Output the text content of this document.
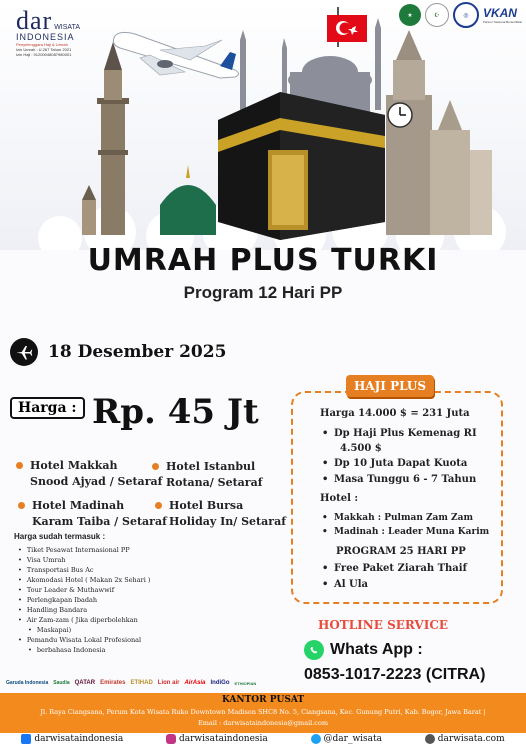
dar WISATA
INDONESIA
Penyelenggara Haji & Umrah
Izin Umrah : U.267 Tahun 2021
Izin Haji : 91200048087980001
★	☪	◎	VKAN
Partner Nasional Bersertifikat
UMRAH PLUS TURKI
Program 12 Hari PP
18 Desember 2025
Harga : Rp. 45 Jt
Hotel Makkah
Snood Ajyad / Setaraf
Hotel Istanbul
Rotana/ Setaraf
Hotel Madinah
Karam Taiba / Setaraf
Hotel Bursa
Holiday In/ Setaraf
Harga sudah termasuk :
• Tiket Pesawat Internasional PP
• Visa Umrah
• Transportasi Bus Ac
• Akomodasi Hotel ( Makan 2x Sehari )
• Tour Leader & Muthawwif
• Perlengkapan Ibadah
• Handling Bandara
• Air Zam-zam ( Jika diperbolehkan
• Maskapai)
• Pemandu Wisata Lokal Profesional
• berbahasa Indonesia
HAJI PLUS
Harga 14.000 $ = 231 Juta
• Dp Haji Plus Kemenag RI
4.500 $
• Dp 10 Juta Dapat Kuota
• Masa Tunggu 6 - 7 Tahun
Hotel :
• Makkah : Pulman Zam Zam
• Madinah : Leader Muna Karim
PROGRAM 25 HARI PP
• Free Paket Ziarah Thaif
• Al Ula
HOTLINE SERVICE
Whats App :
0853-1017-2223 (CITRA)
Garuda Indonesia Saudia QATAR Emirates ETIHAD Lion air AirAsia IndiGo ETHIOPIAN
KANTOR PUSAT
Jl. Raya Ciangsana, Perum Kota Wisata Ruko Downtown Madison SHC8 No. 5, Ciangsana, Kec. Gunung Putri, Kab. Bogor, Jawa Barat |
Email : darwisataindonesia@gmail.com
darwisataindonesia	darwisataindonesia	@dar_wisata	darwisata.com
